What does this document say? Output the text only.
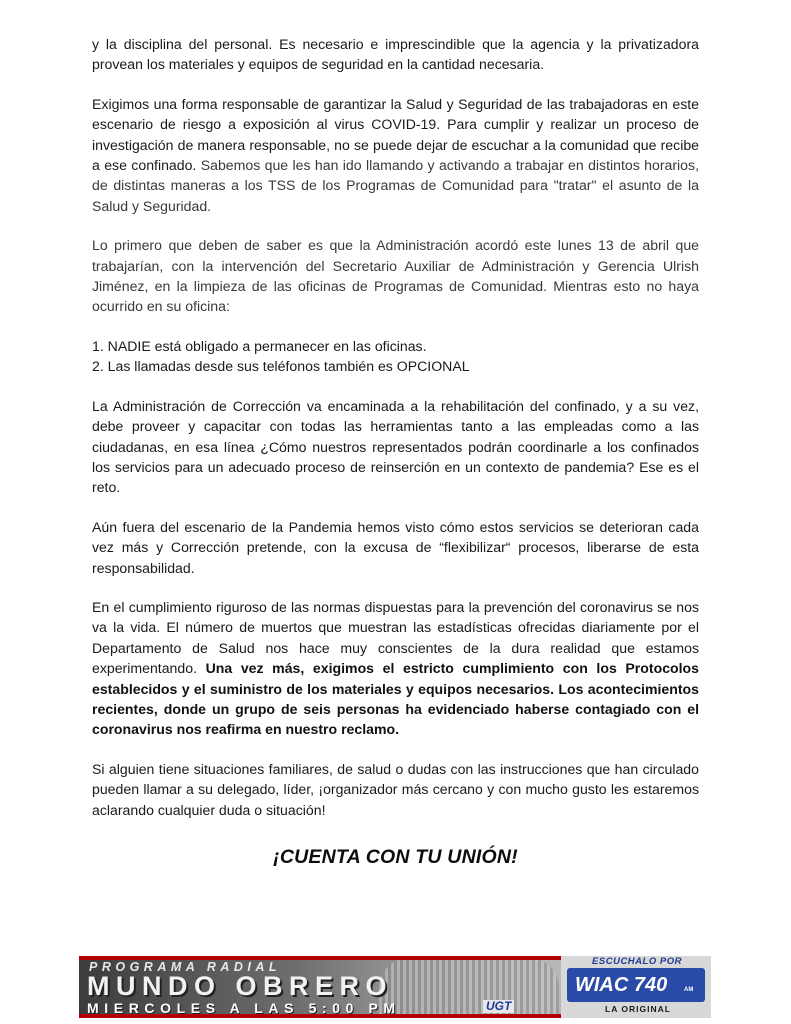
y la disciplina del personal. Es necesario e imprescindible que la agencia y la privatizadora provean los materiales y equipos de seguridad en la cantidad necesaria.

Exigimos una forma responsable de garantizar la Salud y Seguridad de las trabajadoras en este escenario de riesgo a exposición al virus COVID-19. Para cumplir y realizar un proceso de investigación de manera responsable, no se puede dejar de escuchar a la comunidad que recibe a ese confinado. Sabemos que les han ido llamando y activando a trabajar en distintos horarios, de distintas maneras a los TSS de los Programas de Comunidad para "tratar" el asunto de la Salud y Seguridad.

Lo primero que deben de saber es que la Administración acordó este lunes 13 de abril que trabajarían, con la intervención del Secretario Auxiliar de Administración y Gerencia Ulrish Jiménez, en la limpieza de las oficinas de Programas de Comunidad. Mientras esto no haya ocurrido en su oficina:

1. NADIE está obligado a permanecer en las oficinas.
2. Las llamadas desde sus teléfonos también es OPCIONAL

La Administración de Corrección va encaminada a la rehabilitación del confinado, y a su vez, debe proveer y capacitar con todas las herramientas tanto a las empleadas como a las ciudadanas, en esa línea ¿Cómo nuestros representados podrán coordinarle a los confinados los servicios para un adecuado proceso de reinserción en un contexto de pandemia? Ese es el reto.

Aún fuera del escenario de la Pandemia hemos visto cómo estos servicios se deterioran cada vez más y Corrección pretende, con la excusa de “flexibilizar“ procesos, liberarse de esta responsabilidad.

En el cumplimiento riguroso de las normas dispuestas para la prevención del coronavirus se nos va la vida. El número de muertos que muestran las estadísticas ofrecidas diariamente por el Departamento de Salud nos hace muy conscientes de la dura realidad que estamos experimentando. Una vez más, exigimos el estricto cumplimiento con los Protocolos establecidos y el suministro de los materiales y equipos necesarios. Los acontecimientos recientes, donde un grupo de seis personas ha evidenciado haberse contagiado con el coronavirus nos reafirma en nuestro reclamo.

Si alguien tiene situaciones familiares, de salud o dudas con las instrucciones que han circulado pueden llamar a su delegado, líder, ¡organizador más cercano y con mucho gusto les estaremos aclarando cualquier duda o situación!

¡CUENTA CON TU UNIÓN!
PROGRAMA RADIAL
MUNDO OBRERO
MIERCOLES A LAS 5:00 PM	UGT
ESCUCHALO POR
WIAC 740	AM
LA ORIGINAL
